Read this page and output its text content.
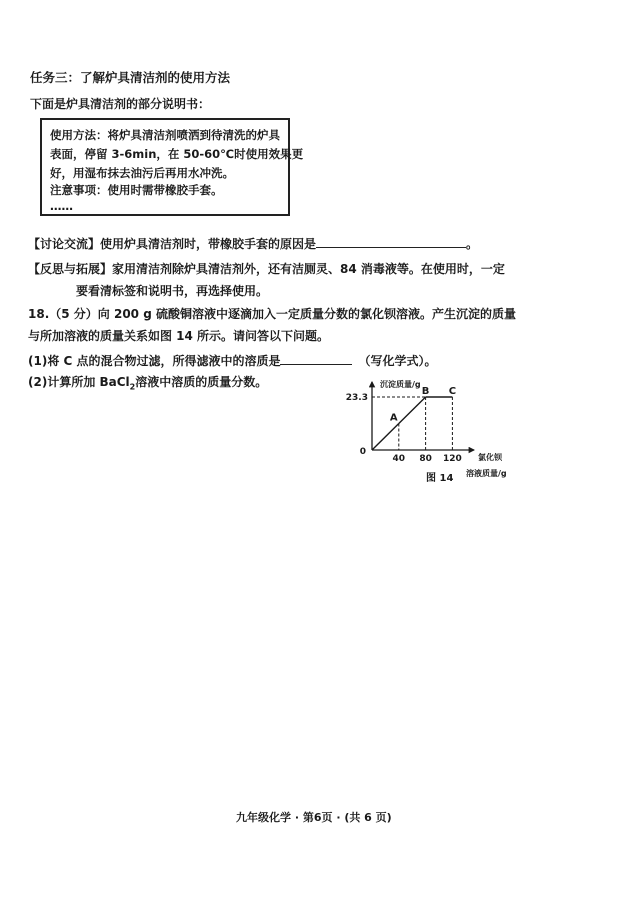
任务三：了解炉具清洁剂的使用方法
下面是炉具清洁剂的部分说明书：
使用方法：将炉具清洁剂喷洒到待清洗的炉具
表面，停留 3-6min，在 50-60℃时使用效果更
好，用湿布抹去油污后再用水冲洗。
注意事项：使用时需带橡胶手套。
……
【讨论交流】使用炉具清洁剂时，带橡胶手套的原因是	。
【反思与拓展】家用清洁剂除炉具清洁剂外，还有洁厕灵、84 消毒液等。在使用时，一定
要看清标签和说明书，再选择使用。
18.（5 分）向 200 g 硫酸铜溶液中逐滴加入一定质量分数的氯化钡溶液。产生沉淀的质量
与所加溶液的质量关系如图 14 所示。请问答以下问题。
(1)将 C 点的混合物过滤，所得滤液中的溶质是	（写化学式）。
(2)计算所加 BaCl$_2$溶液中溶质的质量分数。
0
沉淀质量/g
氯化钡
溶液质量/g
图 14
23.3
40 80 120
A
B C
九年级化学 · 第6页 · (共 6 页)
